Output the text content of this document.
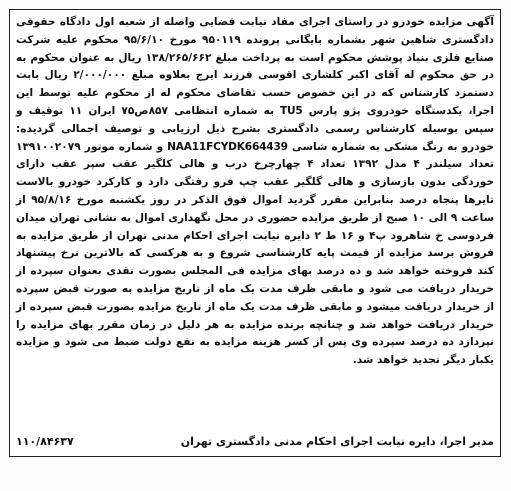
آگهی مزایده خودرو در راستای اجرای مفاد نیابت قضایی واصله از شعبه اول دادگاه حقوقی دادگستری شاهین شهر بشماره بایگانی پرونده ۹۵۰۱۱۹ مورخ ۹۵/۶/۱۰ محکوم علیه شرکت صنایع فلزی بنیاد پوشش محکوم است به پرداخت مبلغ ۱۳۸/۲۶۵/۶۶۲ ریال به عنوان محکوم به در حق محکوم له آقای اکبر کلشاری اقوسی فرزند ایرج بعلاوه مبلغ ۲/۰۰۰/۰۰۰ ریال بابت دستمزد کارشناس که در این خصوص حسب تقاضای محکوم له از محکوم علیه توسط این اجرا، یکدستگاه خودروی پژو پارس TU5 به شماره انتظامی ۸۵۷ص۷۵ ایران ۱۱ توقیف و سپس بوسیله کارشناس رسمی دادگستری بشرح ذیل ارزیابی و توصیف اجمالی گردیده: خودرو به رنگ مشکی به شماره شاسی NAA11FCYDK664439 و شماره موتور ۱۳۹۱۰۰۲۰۷۹ تعداد سیلندر ۴ مدل ۱۳۹۲ تعداد ۴ چهارچرخ درب و هالی کلگیر عقب سپر عقب دارای خوردگی بدون بازسازی و هالی گلگیر عقب چپ فرو رفتگی دارد و کارکرد خودرو بالاست تایرها پنجاه درصد بنابراین مقرر گردید اموال فوق الذکر در روز یکشنبه مورخ ۹۵/۸/۱۶ از ساعت ۹ الی ۱۰ صبح از طریق مزایده حضوری در محل نگهداری اموال به نشانی تهران میدان فردوسی خ شاهرود پ۴ و ۱۶ ط ۲ دایره نیابت اجرای احکام مدنی تهران از طریق مزایده به فروش برسد مزایده از قیمت پایه کارشناسی شروع و به هرکسی که بالاترین نرخ پیشنهاد کند فروخته خواهد شد و ده درصد بهای مزایده فی المجلس بصورت نقدی بعنوان سپرده از خریدار دریافت می شود و مابقی ظرف مدت یک ماه از تاریخ مزایده به صورت قبض سپرده از خریدار دریافت میشود و مابقی ظرف مدت یک ماه از تاریخ مزایده بصورت قبض سپرده از خریدار دریافت خواهد شد و چنانچه برنده مزایده به هر دلیل در زمان مقرر بهای مزایده را نپردازد ده درصد سپرده وی پس از کسر هزینه مزایده به نفع دولت ضبط می شود و مزایده یکبار دیگر تجدید خواهد شد.

مدیر اجرا، دایره نیابت اجرای احکام مدنی دادگستری تهران
۱۱۰/۸۴۶۳۷
